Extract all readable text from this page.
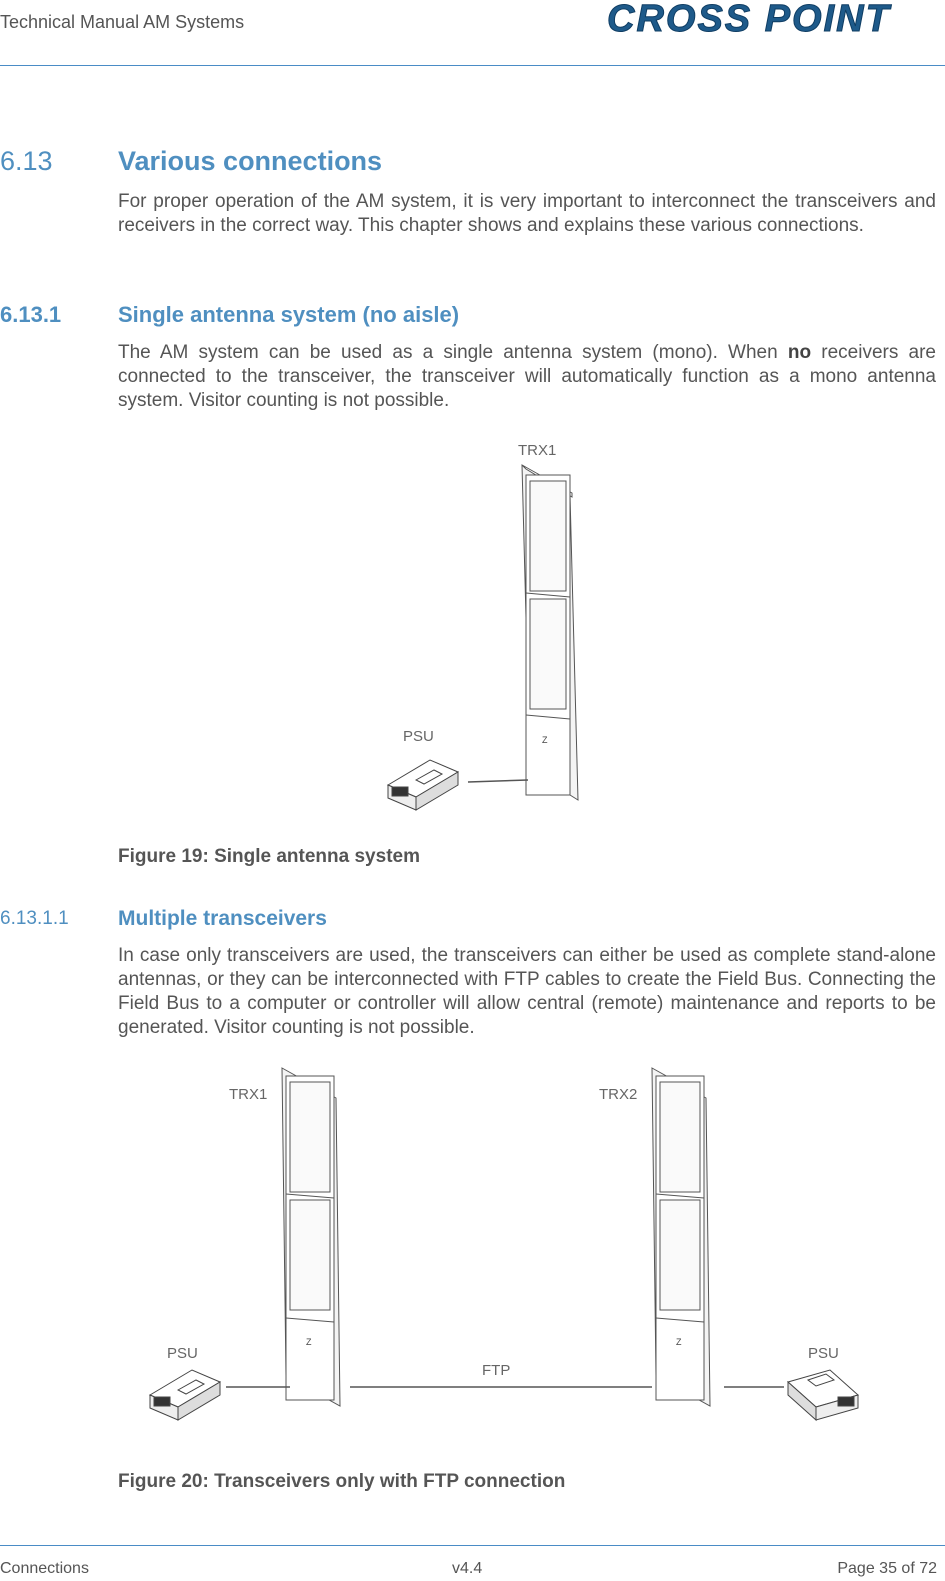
Technical Manual AM Systems	CROSS POINT
6.13 Various connections

For proper operation of the AM system, it is very important to interconnect the transceivers and receivers in the correct way. This chapter shows and explains these various connections.

6.13.1	Single antenna system (no aisle)

The AM system can be used as a single antenna system (mono). When no receivers are connected to the transceiver, the transceiver will automatically function as a mono antenna system. Visitor counting is not possible.

TRX1
PSU	Z
Figure 19: Single antenna system
6.13.1.1 Multiple transceivers

In case only transceivers are used, the transceivers can either be used as complete stand-alone antennas, or they can be interconnected with FTP cables to create the Field Bus. Connecting the Field Bus to a computer or controller will allow central (remote) maintenance and reports to be generated. Visitor counting is not possible.

TRX1	TRX2
PSU	PSU
FTP
Z	Z
Figure 20: Transceivers only with FTP connection
Connections	v4.4	Page 35 of 72
